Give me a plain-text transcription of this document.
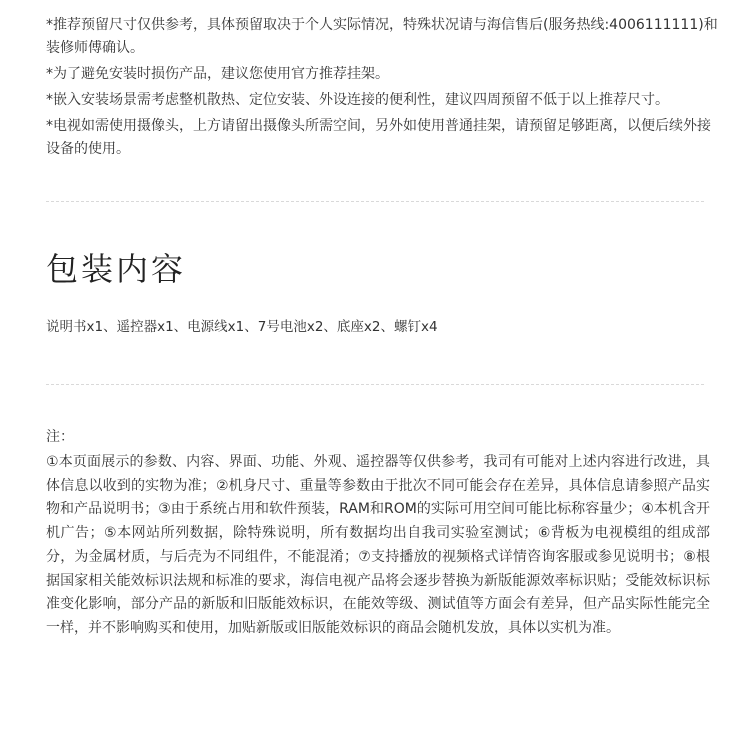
*推荐预留尺寸仅供参考，具体预留取决于个人实际情况，特殊状况请与海信售后(服务热线:4006111111)和装修师傅确认。

*为了避免安装时损伤产品，建议您使用官方推荐挂架。

*嵌入安装场景需考虑整机散热、定位安装、外设连接的便利性，建议四周预留不低于以上推荐尺寸。

*电视如需使用摄像头，上方请留出摄像头所需空间，另外如使用普通挂架，请预留足够距离，以便后续外接设备的使用。

包装内容

说明书x1、遥控器x1、电源线x1、7号电池x2、底座x2、螺钉x4

注：

①本页面展示的参数、内容、界面、功能、外观、遥控器等仅供参考，我司有可能对上述内容进行改进，具体信息以收到的实物为准；②机身尺寸、重量等参数由于批次不同可能会存在差异，具体信息请参照产品实物和产品说明书；③由于系统占用和软件预装，RAM和ROM的实际可用空间可能比标称容量少；④本机含开机广告；⑤本网站所列数据，除特殊说明，所有数据均出自我司实验室测试；⑥背板为电视模组的组成部分，为金属材质，与后壳为不同组件，不能混淆；⑦支持播放的视频格式详情咨询客服或参见说明书；⑧根据国家相关能效标识法规和标准的要求，海信电视产品将会逐步替换为新版能源效率标识贴；受能效标识标准变化影响，部分产品的新版和旧版能效标识，在能效等级、测试值等方面会有差异，但产品实际性能完全一样，并不影响购买和使用，加贴新版或旧版能效标识的商品会随机发放，具体以实机为准。
